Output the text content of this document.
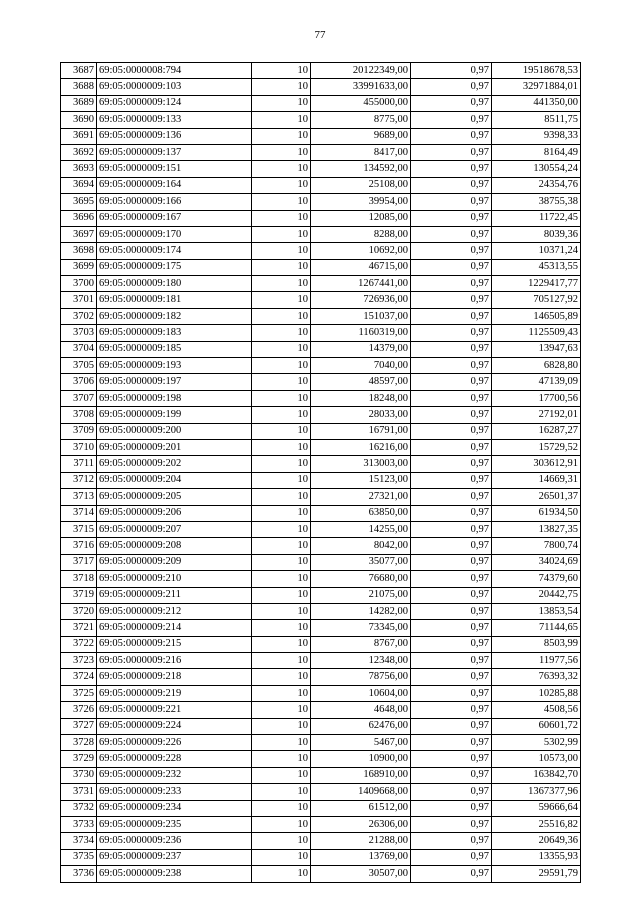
77
3687	69:05:0000008:794	10	20122349,00	0,97	19518678,53
3688	69:05:0000009:103	10	33991633,00	0,97	32971884,01
3689	69:05:0000009:124	10	455000,00	0,97	441350,00
3690	69:05:0000009:133	10	8775,00	0,97	8511,75
3691	69:05:0000009:136	10	9689,00	0,97	9398,33
3692	69:05:0000009:137	10	8417,00	0,97	8164,49
3693	69:05:0000009:151	10	134592,00	0,97	130554,24
3694	69:05:0000009:164	10	25108,00	0,97	24354,76
3695	69:05:0000009:166	10	39954,00	0,97	38755,38
3696	69:05:0000009:167	10	12085,00	0,97	11722,45
3697	69:05:0000009:170	10	8288,00	0,97	8039,36
3698	69:05:0000009:174	10	10692,00	0,97	10371,24
3699	69:05:0000009:175	10	46715,00	0,97	45313,55
3700	69:05:0000009:180	10	1267441,00	0,97	1229417,77
3701	69:05:0000009:181	10	726936,00	0,97	705127,92
3702	69:05:0000009:182	10	151037,00	0,97	146505,89
3703	69:05:0000009:183	10	1160319,00	0,97	1125509,43
3704	69:05:0000009:185	10	14379,00	0,97	13947,63
3705	69:05:0000009:193	10	7040,00	0,97	6828,80
3706	69:05:0000009:197	10	48597,00	0,97	47139,09
3707	69:05:0000009:198	10	18248,00	0,97	17700,56
3708	69:05:0000009:199	10	28033,00	0,97	27192,01
3709	69:05:0000009:200	10	16791,00	0,97	16287,27
3710	69:05:0000009:201	10	16216,00	0,97	15729,52
3711	69:05:0000009:202	10	313003,00	0,97	303612,91
3712	69:05:0000009:204	10	15123,00	0,97	14669,31
3713	69:05:0000009:205	10	27321,00	0,97	26501,37
3714	69:05:0000009:206	10	63850,00	0,97	61934,50
3715	69:05:0000009:207	10	14255,00	0,97	13827,35
3716	69:05:0000009:208	10	8042,00	0,97	7800,74
3717	69:05:0000009:209	10	35077,00	0,97	34024,69
3718	69:05:0000009:210	10	76680,00	0,97	74379,60
3719	69:05:0000009:211	10	21075,00	0,97	20442,75
3720	69:05:0000009:212	10	14282,00	0,97	13853,54
3721	69:05:0000009:214	10	73345,00	0,97	71144,65
3722	69:05:0000009:215	10	8767,00	0,97	8503,99
3723	69:05:0000009:216	10	12348,00	0,97	11977,56
3724	69:05:0000009:218	10	78756,00	0,97	76393,32
3725	69:05:0000009:219	10	10604,00	0,97	10285,88
3726	69:05:0000009:221	10	4648,00	0,97	4508,56
3727	69:05:0000009:224	10	62476,00	0,97	60601,72
3728	69:05:0000009:226	10	5467,00	0,97	5302,99
3729	69:05:0000009:228	10	10900,00	0,97	10573,00
3730	69:05:0000009:232	10	168910,00	0,97	163842,70
3731	69:05:0000009:233	10	1409668,00	0,97	1367377,96
3732	69:05:0000009:234	10	61512,00	0,97	59666,64
3733	69:05:0000009:235	10	26306,00	0,97	25516,82
3734	69:05:0000009:236	10	21288,00	0,97	20649,36
3735	69:05:0000009:237	10	13769,00	0,97	13355,93
3736	69:05:0000009:238	10	30507,00	0,97	29591,79
